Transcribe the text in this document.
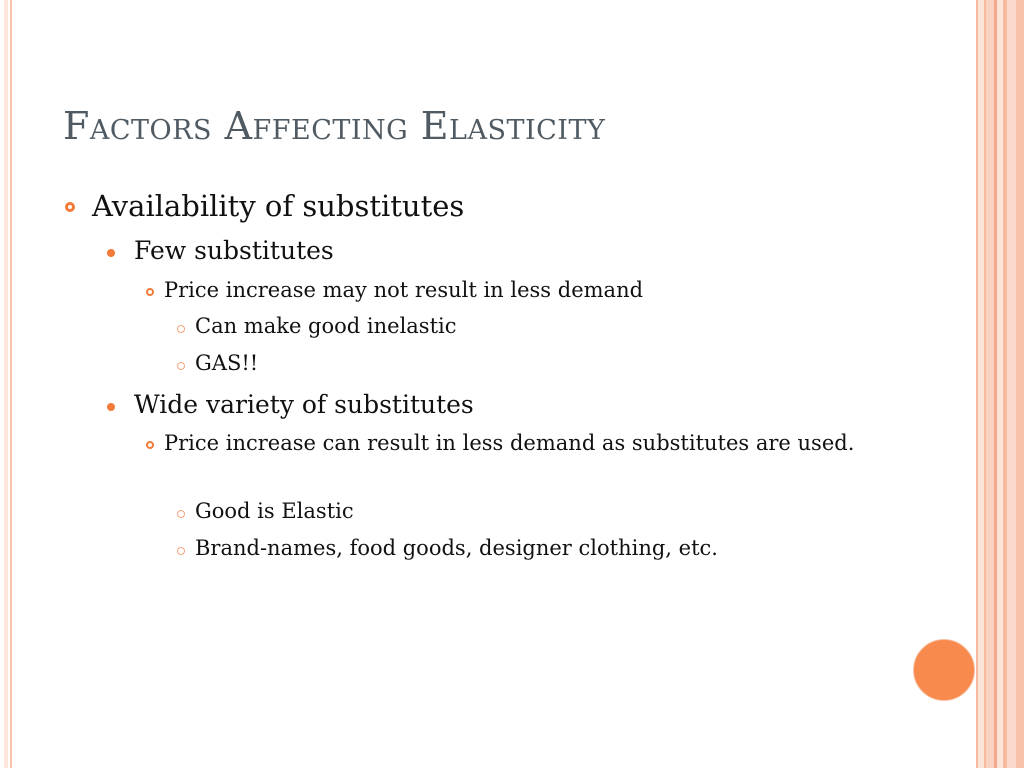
Factors Affecting Elasticity
Availability of substitutes
Few substitutes
Price increase may not result in less demand
Can make good inelastic
GAS!!
Wide variety of substitutes
Price increase can result in less demand as substitutes are used.
Good is Elastic
Brand-names, food goods, designer clothing, etc.
